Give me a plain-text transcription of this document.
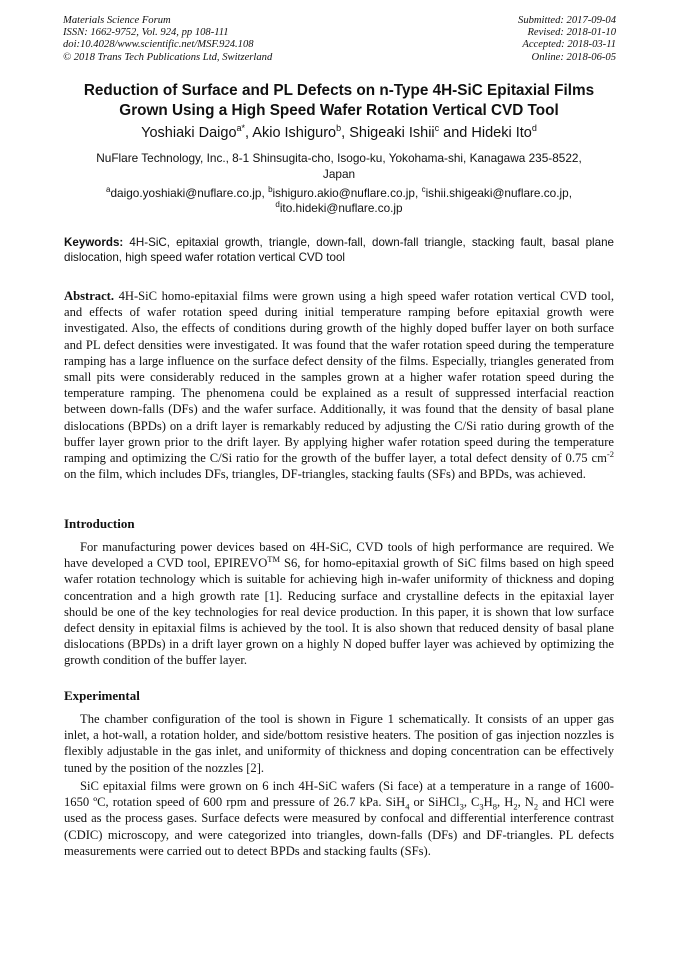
Materials Science Forum
ISSN: 1662-9752, Vol. 924, pp 108-111
doi:10.4028/www.scientific.net/MSF.924.108
© 2018 Trans Tech Publications Ltd, Switzerland
Submitted: 2017-09-04
Revised: 2018-01-10
Accepted: 2018-03-11
Online: 2018-06-05
Reduction of Surface and PL Defects on n-Type 4H-SiC Epitaxial Films
Grown Using a High Speed Wafer Rotation Vertical CVD Tool
Yoshiaki Daigo$^{a*}$, Akio Ishiguro$^b$, Shigeaki Ishii$^c$ and Hideki Ito$^d$
NuFlare Technology, Inc., 8-1 Shinsugita-cho, Isogo-ku, Yokohama-shi, Kanagawa 235-8522,
Japan
$^a$daigo.yoshiaki@nuflare.co.jp, $^b$ishiguro.akio@nuflare.co.jp, $^c$ishii.shigeaki@nuflare.co.jp,
$^d$ito.hideki@nuflare.co.jp
Keywords: 4H-SiC, epitaxial growth, triangle, down-fall, down-fall triangle, stacking fault, basal plane dislocation, high speed wafer rotation vertical CVD tool
Abstract. 4H-SiC homo-epitaxial films were grown using a high speed wafer rotation vertical CVD tool, and effects of wafer rotation speed during initial temperature ramping before epitaxial growth were investigated. Also, the effects of conditions during growth of the highly doped buffer layer on both surface and PL defect densities were investigated. It was found that the wafer rotation speed during the temperature ramping has a large influence on the surface defect density of the films. Especially, triangles generated from small pits were considerably reduced in the samples grown at a higher wafer rotation speed during the temperature ramping. The phenomena could be explained as a result of suppressed interfacial reaction between down-falls (DFs) and the wafer surface. Additionally, it was found that the density of basal plane dislocations (BPDs) on a drift layer is remarkably reduced by adjusting the C/Si ratio during growth of the buffer layer grown prior to the drift layer. By applying higher wafer rotation speed during the temperature ramping and optimizing the C/Si ratio for the growth of the buffer layer, a total defect density of 0.75 $cm^{-2}$ on the film, which includes DFs, triangles, DF-triangles, stacking faults (SFs) and BPDs, was achieved.
Introduction
For manufacturing power devices based on 4H-SiC, CVD tools of high performance are required. We have developed a CVD tool, EPIREVO™ S6, for homo-epitaxial growth of SiC films based on high speed wafer rotation technology which is suitable for achieving high in-wafer uniformity of thickness and doping concentration and a high growth rate [1]. Reducing surface and crystalline defects in the epitaxial layer should be one of the key technologies for real device production. In this paper, it is shown that low surface defect density in epitaxial films is achieved by the tool. It is also shown that reduced density of basal plane dislocations (BPDs) in a drift layer grown on a highly N doped buffer layer was achieved by optimizing the growth condition of the buffer layer.
Experimental
The chamber configuration of the tool is shown in Figure 1 schematically. It consists of an upper gas inlet, a hot-wall, a rotation holder, and side/bottom resistive heaters. The position of gas injection nozzles is flexibly adjustable in the gas inlet, and uniformity of thickness and doping concentration can be effectively tuned by the position of the nozzles [2].
SiC epitaxial films were grown on 6 inch 4H-SiC wafers (Si face) at a temperature in a range of 1600-1650 ºC, rotation speed of 600 rpm and pressure of 26.7 kPa. SiH$_4$ or SiHCl$_3$, $C_3H_8$, $H_2$, $N_2$ and HCl were used as the process gases. Surface defects were measured by confocal and differential interference contrast (CDIC) microscopy, and were categorized into triangles, down-falls (DFs) and DF-triangles. PL defects measurements were carried out to detect BPDs and stacking faults (SFs).
